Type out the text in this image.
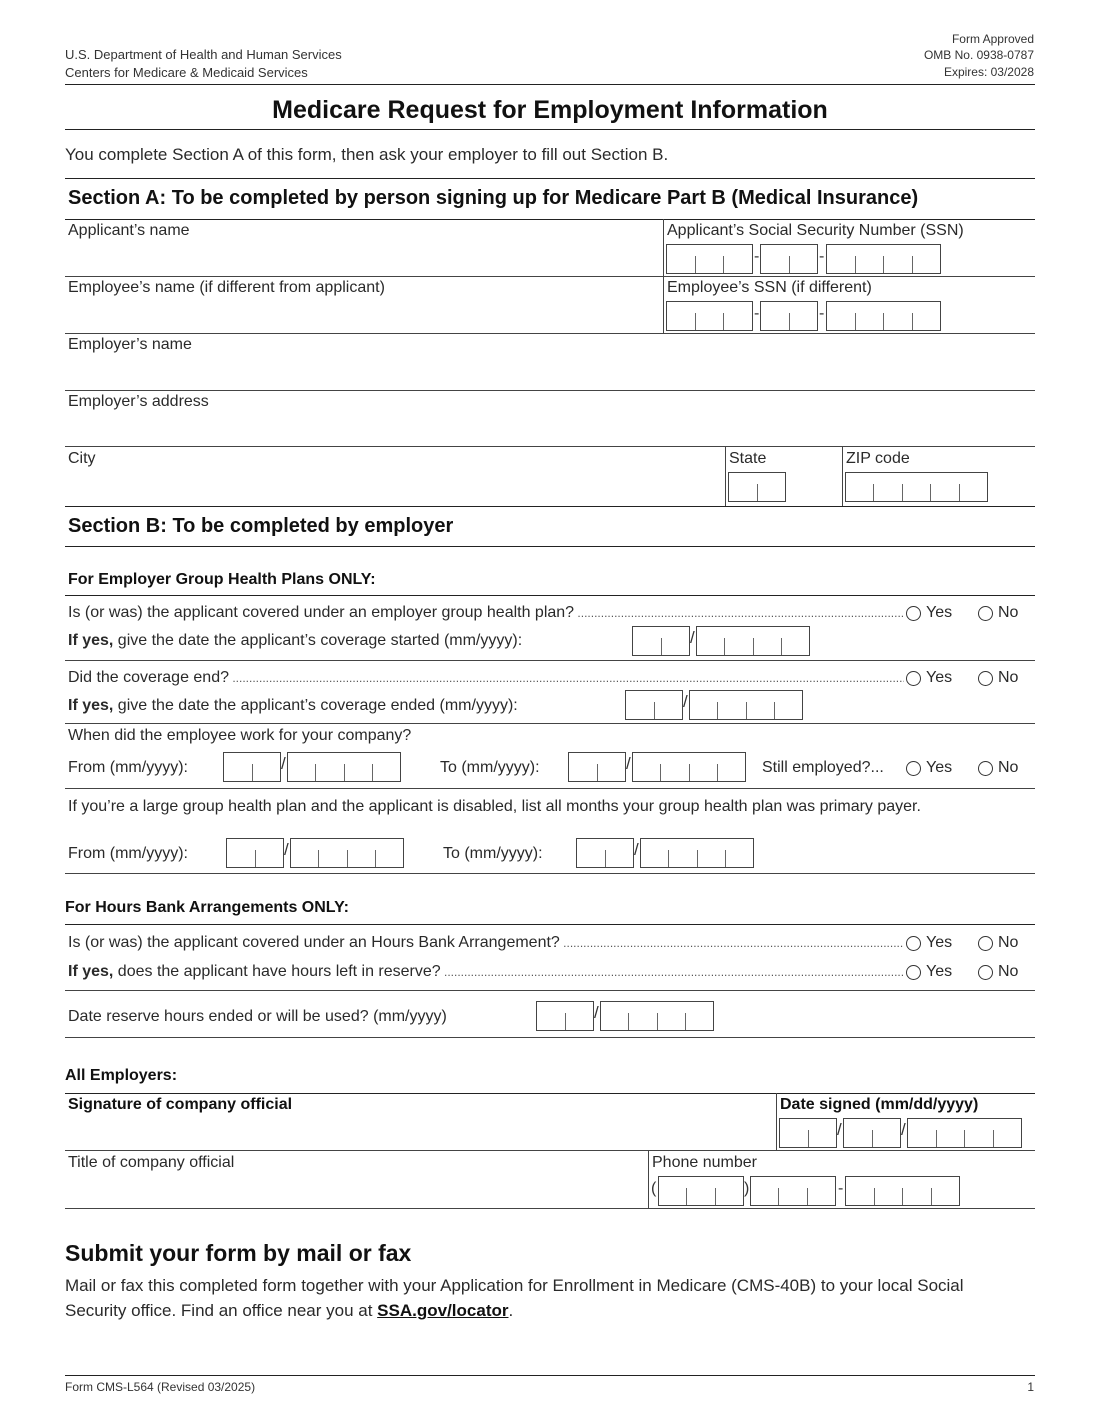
U.S. Department of Health and Human Services
Centers for Medicare & Medicaid Services
Form Approved
OMB No. 0938-0787
Expires: 03/2028
Medicare Request for Employment Information
You complete Section A of this form, then ask your employer to fill out Section B.
Section A: To be completed by person signing up for Medicare Part B (Medical Insurance)
Applicant’s name	Applicant’s Social Security Number (SSN)
-	-
Employee’s name (if different from applicant)	Employee’s SSN (if different)
-	-
Employer’s name
Employer’s address
City	State	ZIP code
Section B: To be completed by employer
For Employer Group Health Plans ONLY:
Is (or was) the applicant covered under an employer group health plan? .....	Yes	No
If yes, give the date the applicant’s coverage started (mm/yyyy):	/
Did the coverage end? .....	Yes	No
If yes, give the date the applicant’s coverage ended (mm/yyyy):	/
When did the employee work for your company?
From (mm/yyyy):	/	To (mm/yyyy):	/	Still employed?...	Yes	No
If you’re a large group health plan and the applicant is disabled, list all months your group health plan was primary payer.
From (mm/yyyy):	/	To (mm/yyyy):	/
For Hours Bank Arrangements ONLY:
Is (or was) the applicant covered under an Hours Bank Arrangement? .....	Yes	No
If yes, does the applicant have hours left in reserve? .....	Yes	No
Date reserve hours ended or will be used? (mm/yyyy)	/
All Employers:
Signature of company official	Date signed (mm/dd/yyyy)
/	/
Title of company official	Phone number
(	)	-
Submit your form by mail or fax
Mail or fax this completed form together with your Application for Enrollment in Medicare (CMS-40B) to your local Social Security office. Find an office near you at SSA.gov/locator.
Form CMS-L564 (Revised 03/2025)	1
